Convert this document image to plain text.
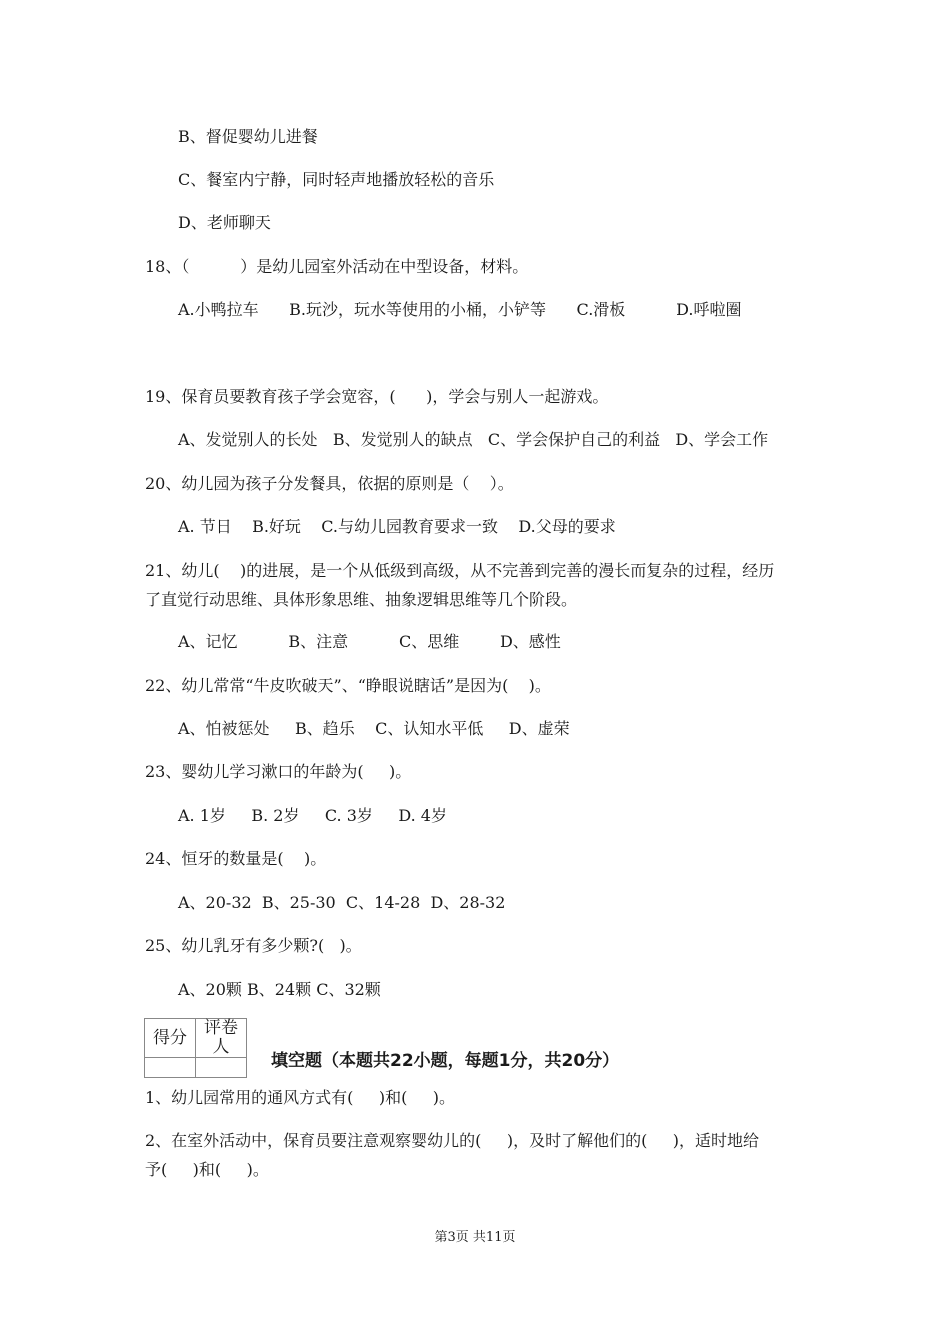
B、督促婴幼儿进餐
C、餐室内宁静，同时轻声地播放轻松的音乐
D、老师聊天
18、（          ）是幼儿园室外活动在中型设备，材料。
A.小鸭拉车      B.玩沙，玩水等使用的小桶，小铲等      C.滑板          D.呼啦圈
19、保育员要教育孩子学会宽容，(      )，学会与别人一起游戏。
A、发觉别人的长处   B、发觉别人的缺点   C、学会保护自己的利益   D、学会工作
20、幼儿园为孩子分发餐具，依据的原则是（    ）。
A. 节日    B.好玩    C.与幼儿园教育要求一致    D.父母的要求
21、幼儿(    )的进展，是一个从低级到高级，从不完善到完善的漫长而复杂的过程，经历
了直觉行动思维、具体形象思维、抽象逻辑思维等几个阶段。
A、记忆          B、注意          C、思维        D、感性
22、幼儿常常“牛皮吹破天”、“睁眼说瞎话”是因为(    )。
A、怕被惩处     B、趋乐    C、认知水平低     D、虚荣
23、婴幼儿学习漱口的年龄为(     )。
A. 1岁     B. 2岁     C. 3岁     D. 4岁
24、恒牙的数量是(    )。
A、20-32  B、25-30  C、14-28  D、28-32
25、幼儿乳牙有多少颗?(   )。
A、20颗 B、24颗 C、32颗
得分	评卷人

填空题（本题共22小题，每题1分，共20分）
1、幼儿园常用的通风方式有(     )和(     )。
2、在室外活动中，保育员要注意观察婴幼儿的(     )，及时了解他们的(     )，适时地给
予(     )和(     )。
第3页 共11页
